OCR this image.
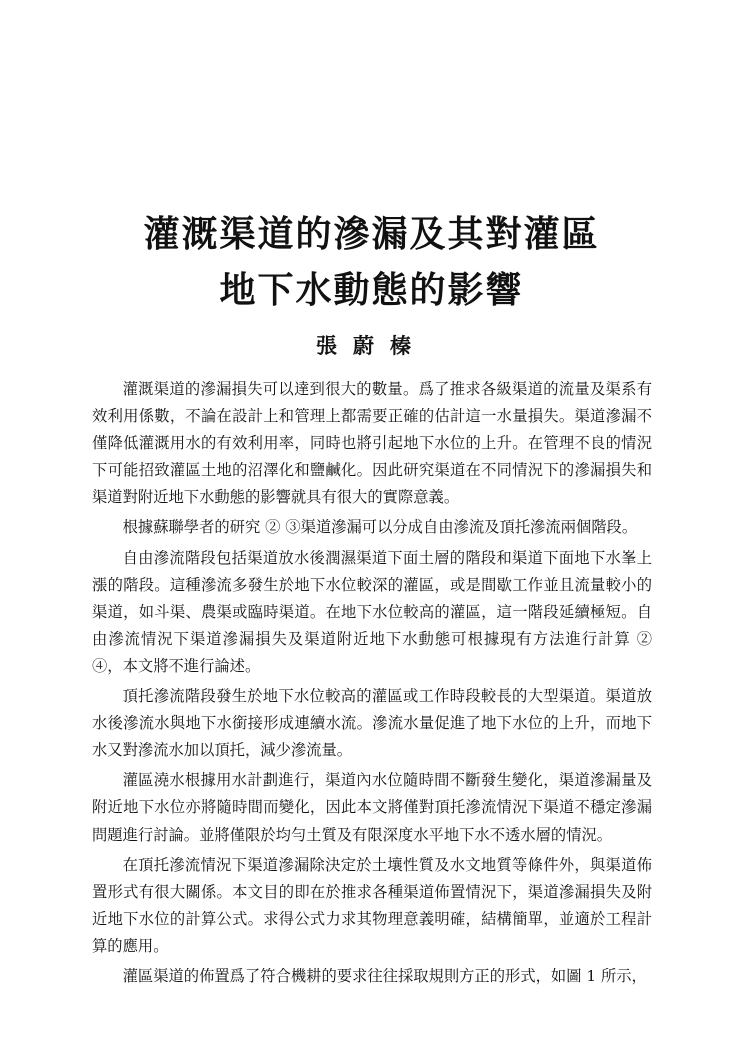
灌溉渠道的滲漏及其對灌區
地下水動態的影響
張蔚榛

灌溉渠道的滲漏損失可以達到很大的數量。爲了推求各級渠道的流量及渠系有效利用係數，不論在設計上和管理上都需要正確的估計這一水量損失。渠道滲漏不僅降低灌溉用水的有效利用率，同時也將引起地下水位的上升。在管理不良的情況下可能招致灌區土地的沼澤化和鹽鹹化。因此研究渠道在不同情況下的滲漏損失和渠道對附近地下水動態的影響就具有很大的實際意義。

根據蘇聯學者的研究 ② ③渠道滲漏可以分成自由滲流及頂托滲流兩個階段。

自由滲流階段包括渠道放水後潤濕渠道下面土層的階段和渠道下面地下水峯上漲的階段。這種滲流多發生於地下水位較深的灌區，或是間歇工作並且流量較小的渠道，如斗渠、農渠或臨時渠道。在地下水位較高的灌區，這一階段延續極短。自由滲流情況下渠道滲漏損失及渠道附近地下水動態可根據現有方法進行計算 ② ④，本文將不進行論述。

頂托滲流階段發生於地下水位較高的灌區或工作時段較長的大型渠道。渠道放水後滲流水與地下水銜接形成連續水流。滲流水量促進了地下水位的上升，而地下水又對滲流水加以頂托，減少滲流量。

灌區澆水根據用水計劃進行，渠道內水位隨時間不斷發生變化，渠道滲漏量及附近地下水位亦將隨時間而變化，因此本文將僅對頂托滲流情況下渠道不穩定滲漏問題進行討論。並將僅限於均勻土質及有限深度水平地下水不透水層的情況。

在頂托滲流情況下渠道滲漏除決定於土壤性質及水文地質等條件外，與渠道佈置形式有很大關係。本文目的即在於推求各種渠道佈置情況下，渠道滲漏損失及附近地下水位的計算公式。求得公式力求其物理意義明確，結構簡單，並適於工程計算的應用。

灌區渠道的佈置爲了符合機耕的要求往往採取規則方正的形式，如圖 1 所示，
